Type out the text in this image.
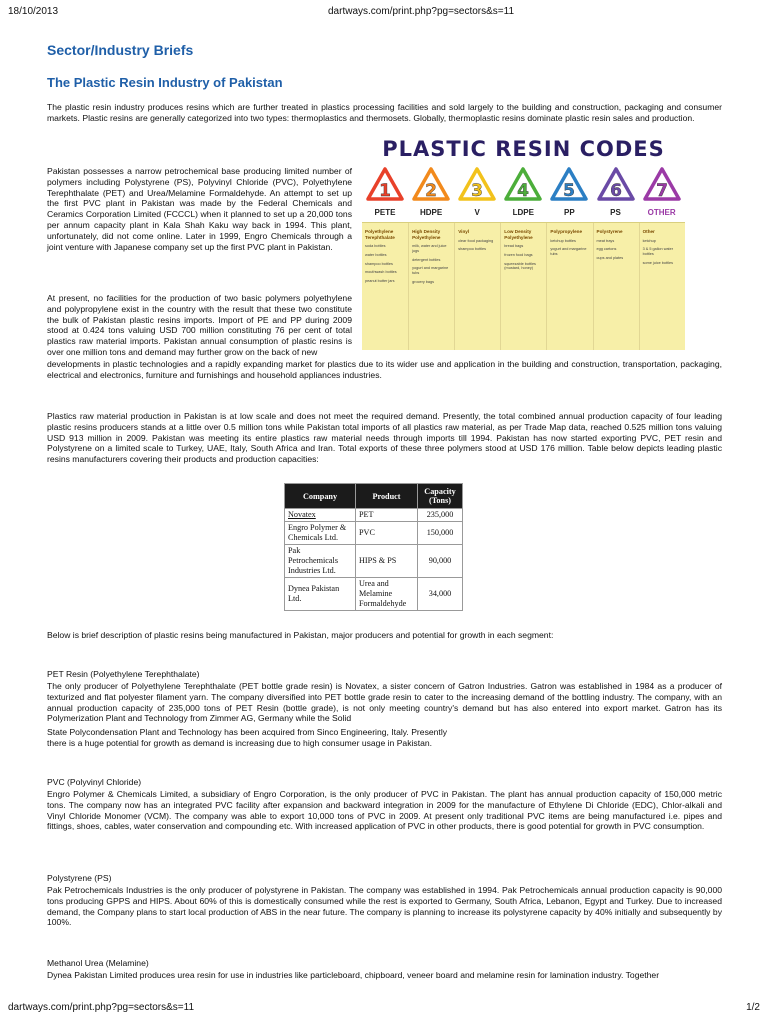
18/10/2013	dartways.com/print.php?pg=sectors&s=11
Sector/Industry Briefs
The Plastic Resin Industry of Pakistan

The plastic resin industry produces resins which are further treated in plastics processing facilities and sold largely to the building and construction, packaging and consumer markets. Plastic resins are generally categorized into two types: thermoplastics and thermosets. Globally, thermoplastic resins dominate plastic resin sales and production.

Pakistan possesses a narrow petrochemical base producing limited number of polymers including Polystyrene (PS), Polyvinyl Chloride (PVC), Polyethylene Terephthalate (PET) and Urea/Melamine Formaldehyde. An attempt to set up the first PVC plant in Pakistan was made by the Federal Chemicals and Ceramics Corporation Limited (FCCCL) when it planned to set up a 20,000 tons per annum capacity plant in Kala Shah Kaku way back in 1994. This plant, unfortunately, did not come online. Later in 1999, Engro Chemicals through a joint venture with Japanese company set up the first PVC plant in Pakistan.

PLASTIC RESIN CODES
1
PETE
2
HDPE
3
V
4
LDPE
5
PP
6
PS
7
OTHER
Polyethylene Terephthalate
soda bottles
water bottles
shampoo bottles
mouthwash bottles
peanut butter jars
High Density Polyethylene
milk, water and juice jugs
detergent bottles
yogurt and margarine tubs
grocery bags
Vinyl
clear food packaging
shampoo bottles
Low Density Polyethylene
bread bags
frozen food bags
squeezable bottles (mustard, honey)
Polypropylene
ketchup bottles
yogurt and margarine tubs
Polystyrene
meat trays
egg cartons
cups and plates
Other
ketchup
3 & 5 gallon water bottles
some juice bottles

At present, no facilities for the production of two basic polymers polyethylene and polypropylene exist in the country with the result that these two constitute the bulk of Pakistan plastic resins imports. Import of PE and PP during 2009 stood at 0.424 tons valuing USD 700 million constituting 76 per cent of total plastics raw material imports. Pakistan annual consumption of plastic resins is over one million tons and demand may further grow on the back of new

developments in plastic technologies and a rapidly expanding market for plastics due to its wider use and application in the building and construction, transportation, packaging, electrical and electronics, furniture and furnishings and household appliances industries.

Plastics raw material production in Pakistan is at low scale and does not meet the required demand. Presently, the total combined annual production capacity of four leading plastic resins producers stands at a little over 0.5 million tons while Pakistan total imports of all plastics raw material, as per Trade Map data, reached 0.525 million tons valuing USD 913 million in 2009. Pakistan was meeting its entire plastics raw material needs through imports till 1994. Pakistan has now started exporting PVC, PET resin and Polystyrene on a limited scale to Turkey, UAE, Italy, South Africa and Iran. Total exports of these three polymers stood at USD 176 million. Table below depicts leading plastic resins manufacturers covering their products and production capacities:

Company	Product	Capacity (Tons)
Novatex	PET	235,000
Engro Polymer & Chemicals Ltd.	PVC	150,000
Pak Petrochemicals Industries Ltd.	HIPS & PS	90,000
Dynea Pakistan Ltd.	Urea and Melamine Formaldehyde	34,000

Below is brief description of plastic resins being manufactured in Pakistan, major producers and potential for growth in each segment:

PET Resin (Polyethylene Terephthalate)

The only producer of Polyethylene Terephthalate (PET bottle grade resin) is Novatex, a sister concern of Gatron Industries. Gatron was established in 1984 as a producer of texturized and flat polyester filament yarn. The company diversified into PET bottle grade resin to cater to the increasing demand of the bottling industry. The company, with an annual production capacity of 235,000 tons of PET Resin (bottle grade), is not only meeting country's demand but has also entered into export market. Gatron has its Polymerization Plant and Technology from Zimmer AG, Germany while the Solid

State Polycondensation Plant and Technology has been acquired from Sinco Engineering, Italy. Presently

there is a huge potential for growth as demand is increasing due to high consumer usage in Pakistan.

PVC (Polyvinyl Chloride)

Engro Polymer & Chemicals Limited, a subsidiary of Engro Corporation, is the only producer of PVC in Pakistan. The plant has annual production capacity of 150,000 metric tons. The company now has an integrated PVC facility after expansion and backward integration in 2009 for the manufacture of Ethylene Di Chloride (EDC), Chlor-alkali and Vinyl Chloride Monomer (VCM). The company was able to export 10,000 tons of PVC in 2009. At present only traditional PVC items are being manufactured i.e. pipes and fittings, shoes, cables, water conservation and compounding etc. With increased application of PVC in other products, there is good potential for growth in PVC consumption.

Polystyrene (PS)

Pak Petrochemicals Industries is the only producer of polystyrene in Pakistan. The company was established in 1994. Pak Petrochemicals annual production capacity is 90,000 tons producing GPPS and HIPS. About 60% of this is domestically consumed while the rest is exported to Germany, South Africa, Lebanon, Egypt and Turkey. Due to increased demand, the Company plans to start local production of ABS in the near future. The company is planning to increase its polystyrene capacity by 40% initially and subsequently by 100%.

Methanol Urea (Melamine)

Dynea Pakistan Limited produces urea resin for use in industries like particleboard, chipboard, veneer board and melamine resin for lamination industry. Together

dartways.com/print.php?pg=sectors&s=11	1/2
